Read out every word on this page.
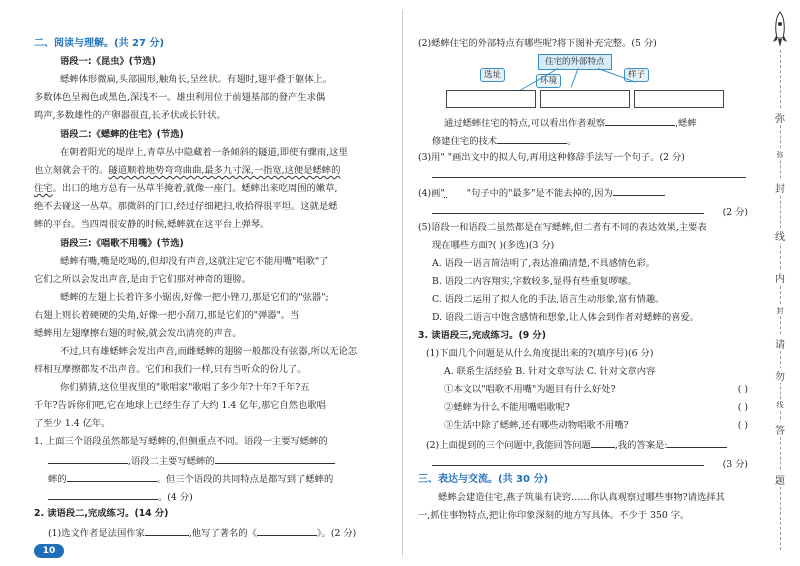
二、阅读与理解。(共 27 分)
语段一:《昆虫》(节选)
蟋蟀体形微扁,头部圆形,触角长,呈丝状。有翅时,翅平叠于躯体上。
多数体色呈褐色或黑色,深浅不一。雄虫利用位于前翅基部的發产生求偶
鸣声,多数雄性的产卵器很直,长矛状或长针状。
语段二:《蟋蟀的住宅》(节选)
在朝着阳光的堤岸上,青草丛中隐藏着一条倾斜的隧道,即使有骤雨,这里
也立刻就会干的。隧道顺着地势弯弯曲曲,最多九寸深,一指宽,这便是蟋蟀的
住宅。出口的地方总有一丛草半掩着,就像一座门。蟋蟀出来吃周围的嫩草,
绝不去碰这一丛草。那微斜的门口,经过仔细耙扫,收拾得很平坦。这就是蟋
蟀的平台。当四周很安静的时候,蟋蟀就在这平台上弹琴。
语段三:《唱歌不用嘴》(节选)
蟋蟀有嘴,嘴是吃喝的,但却没有声音,这就注定它不能用嘴"唱歌"了
它们之所以会发出声音,是由于它们那对神奇的翅膀。
蟋蟀的左翅上长着许多小锯齿,好像一把小锉刀,那是它们的"弦器";
右翅上则长着硬硬的尖角,好像一把小刮刀,那是它们的"弹器"。当
蟋蟀用左翅摩擦右翅的时候,就会发出清亮的声音。
不过,只有雄蟋蟀会发出声音,而雌蟋蟀的翅膀一般都没有弦器,所以无论怎
样相互摩擦都发不出声音。它们和我们一样,只有当听众的份儿了。
你们猜猜,这位里夜里的"歌唱家"歌唱了多少年?十年?千年?五
千年?告诉你们吧,它在地球上已经生存了大约 1.4 亿年,那它自然也歌唱
了至少 1.4 亿年。
1. 上面三个语段虽然都是写蟋蟀的,但侧重点不同。语段一主要写蟋蟀的
,语段二主要写蟋蟀的
蟀的	。但三个语段的共同特点是都写到了蟋蟀的
。(4 分)
2. 读语段二,完成练习。(14 分)
(1)选文作者是法国作家	,他写了著名的《	》。(2 分)
10
(2)蟋蟀住宅的外部特点有哪些呢?将下图补充完整。(5 分)
住宅的外部特点
选址
环境
样子
通过蟋蟀住宅的特点,可以看出作者观察	,蟋蟀
修建住宅的技术	。
(3)用" "画出文中的拟人句,再用这种修辞手法写一个句子。(2 分)
(4)画" "句子中的"最多"是不能去掉的,因为
(2 分)
(5)语段一和语段二虽然都是在写蟋蟀,但二者有不同的表达效果,主要表
现在哪些方面?( )(多选)(3 分)
A. 语段一语言简洁明了,表达准确清楚,不具感情色彩。
B. 语段二内容翔实,字数较多,显得有些重复啰嗦。
C. 语段二运用了拟人化的手法,语言生动形象,富有情趣。
D. 语段二语言中饱含感情和想象,让人体会到作者对蟋蟀的喜爱。
3. 读语段三,完成练习。(9 分)
(1)下面几个问题是从什么角度提出来的?(填序号)(6 分)
A. 联系生活经验 B. 针对文章写法 C. 针对文章内容
①本文以"唱歌不用嘴"为题目有什么好处?	( )
②蟋蟀为什么不能用嘴唱歌呢?	( )
③生活中除了蟋蟀,还有哪些动物唱歌不用嘴?	( )
(2)上面提到的三个问题中,我能回答问题	,我的答案是:
(3 分)
三、表达与交流。(共 30 分)
蟋蟀会建造住宅,燕子筑巢有诀窍……你认真观察过哪些事物?请选择其
一,抓住事物特点,把让你印象深刻的地方写具体。不少于 350 字。
弥
弥
封
线
内
封
请
勿
线
答
题
